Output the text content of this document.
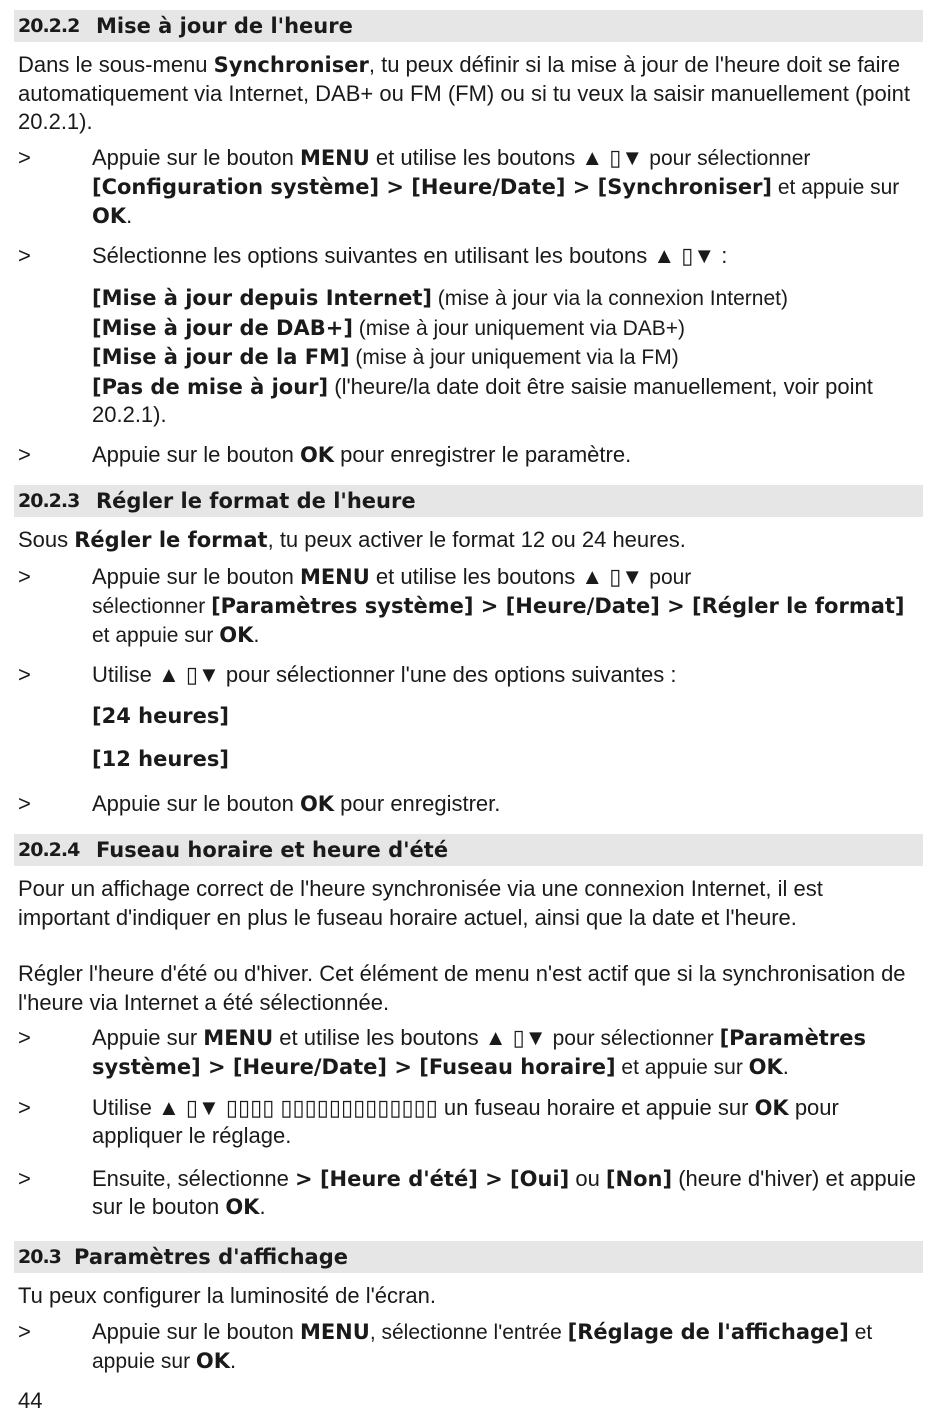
20.2.2 Mise à jour de l'heure
Dans le sous-menu Synchroniser, tu peux définir si la mise à jour de l'heure doit se faire automatiquement via Internet, DAB+ ou FM (FM) ou si tu veux la saisir manuellement (point 20.2.1).
>	Appuie sur le bouton MENU et utilise les boutons ▲ ▯▼ pour sélectionner
[Configuration système] > [Heure/Date] > [Synchroniser] et appuie sur OK.
>	Sélectionne les options suivantes en utilisant les boutons ▲ ▯▼ :
[Mise à jour depuis Internet] (mise à jour via la connexion Internet)
[Mise à jour de DAB+] (mise à jour uniquement via DAB+)
[Mise à jour de la FM] (mise à jour uniquement via la FM)
[Pas de mise à jour] (l'heure/la date doit être saisie manuellement, voir point 20.2.1).
>	Appuie sur le bouton OK pour enregistrer le paramètre.
20.2.3 Régler le format de l'heure
Sous Régler le format, tu peux activer le format 12 ou 24 heures.
>	Appuie sur le bouton MENU et utilise les boutons ▲ ▯▼ pour
sélectionner [Paramètres système] > [Heure/Date] > [Régler le format] et appuie sur OK.
>	Utilise ▲ ▯▼ pour sélectionner l'une des options suivantes :
[24 heures]
[12 heures]
>	Appuie sur le bouton OK pour enregistrer.
20.2.4 Fuseau horaire et heure d'été
Pour un affichage correct de l'heure synchronisée via une connexion Internet, il est important d'indiquer en plus le fuseau horaire actuel, ainsi que la date et l'heure.
Régler l'heure d'été ou d'hiver. Cet élément de menu n'est actif que si la synchronisation de l'heure via Internet a été sélectionnée.
>	Appuie sur MENU et utilise les boutons ▲ ▯▼ pour sélectionner [Paramètres système] > [Heure/Date] > [Fuseau horaire] et appuie sur OK.
>	Utilise ▲ ▯▼ ▯▯▯▯ ▯▯▯▯▯▯▯▯▯▯▯▯▯ un fuseau horaire et appuie sur OK pour appliquer le réglage.
>	Ensuite, sélectionne > [Heure d'été] > [Oui] ou [Non] (heure d'hiver) et appuie sur le bouton OK.
20.3 Paramètres d'affichage
Tu peux configurer la luminosité de l'écran.
>	Appuie sur le bouton MENU, sélectionne l'entrée [Réglage de l'affichage] et appuie sur OK.
44
